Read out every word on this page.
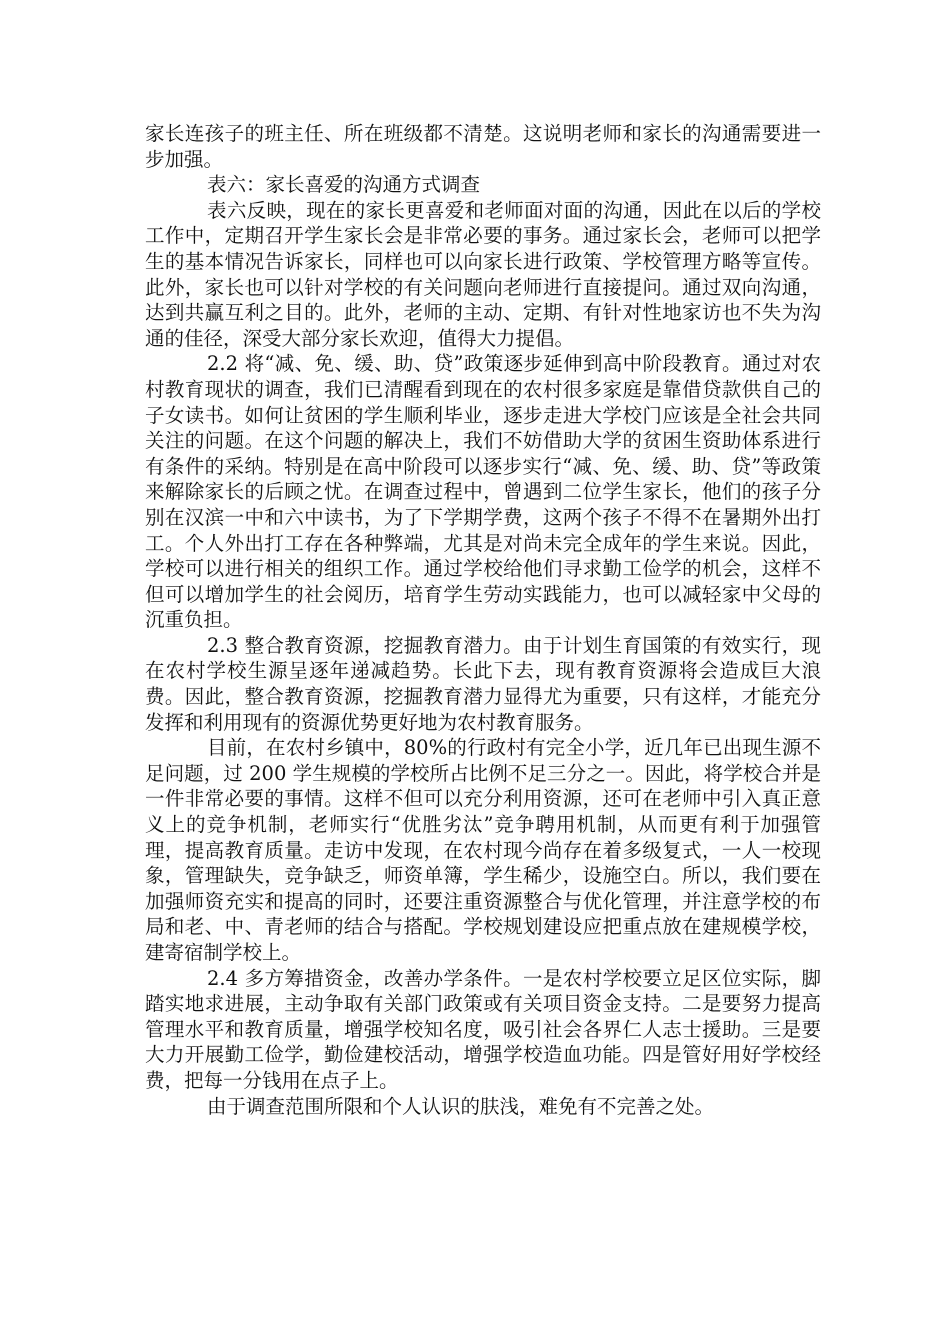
家长连孩子的班主任、所在班级都不清楚。这说明老师和家长的沟通需要进一步加强。

表六：家长喜爱的沟通方式调查

表六反映，现在的家长更喜爱和老师面对面的沟通，因此在以后的学校工作中，定期召开学生家长会是非常必要的事务。通过家长会，老师可以把学生的基本情况告诉家长，同样也可以向家长进行政策、学校管理方略等宣传。此外，家长也可以针对学校的有关问题向老师进行直接提问。通过双向沟通，达到共赢互利之目的。此外，老师的主动、定期、有针对性地家访也不失为沟通的佳径，深受大部分家长欢迎，值得大力提倡。

2.2 将“减、免、缓、助、贷”政策逐步延伸到高中阶段教育。通过对农村教育现状的调查，我们已清醒看到现在的农村很多家庭是靠借贷款供自己的子女读书。如何让贫困的学生顺利毕业，逐步走进大学校门应该是全社会共同关注的问题。在这个问题的解决上，我们不妨借助大学的贫困生资助体系进行有条件的采纳。特别是在高中阶段可以逐步实行“减、免、缓、助、贷”等政策来解除家长的后顾之忧。在调查过程中，曾遇到二位学生家长，他们的孩子分别在汉滨一中和六中读书，为了下学期学费，这两个孩子不得不在暑期外出打工。个人外出打工存在各种弊端，尤其是对尚未完全成年的学生来说。因此，学校可以进行相关的组织工作。通过学校给他们寻求勤工俭学的机会，这样不但可以增加学生的社会阅历，培育学生劳动实践能力，也可以减轻家中父母的沉重负担。

2.3 整合教育资源，挖掘教育潜力。由于计划生育国策的有效实行，现在农村学校生源呈逐年递减趋势。长此下去，现有教育资源将会造成巨大浪费。因此，整合教育资源，挖掘教育潜力显得尤为重要，只有这样，才能充分发挥和利用现有的资源优势更好地为农村教育服务。

目前，在农村乡镇中，80%的行政村有完全小学，近几年已出现生源不足问题，过 200 学生规模的学校所占比例不足三分之一。因此，将学校合并是一件非常必要的事情。这样不但可以充分利用资源，还可在老师中引入真正意义上的竞争机制，老师实行“优胜劣汰”竞争聘用机制，从而更有利于加强管理，提高教育质量。走访中发现，在农村现今尚存在着多级复式，一人一校现象，管理缺失，竞争缺乏，师资单簿，学生稀少，设施空白。所以，我们要在加强师资充实和提高的同时，还要注重资源整合与优化管理，并注意学校的布局和老、中、青老师的结合与搭配。学校规划建设应把重点放在建规模学校，建寄宿制学校上。

2.4 多方筹措资金，改善办学条件。一是农村学校要立足区位实际，脚踏实地求进展，主动争取有关部门政策或有关项目资金支持。二是要努力提高管理水平和教育质量，增强学校知名度，吸引社会各界仁人志士援助。三是要大力开展勤工俭学，勤俭建校活动，增强学校造血功能。四是管好用好学校经费，把每一分钱用在点子上。

由于调查范围所限和个人认识的肤浅，难免有不完善之处。
